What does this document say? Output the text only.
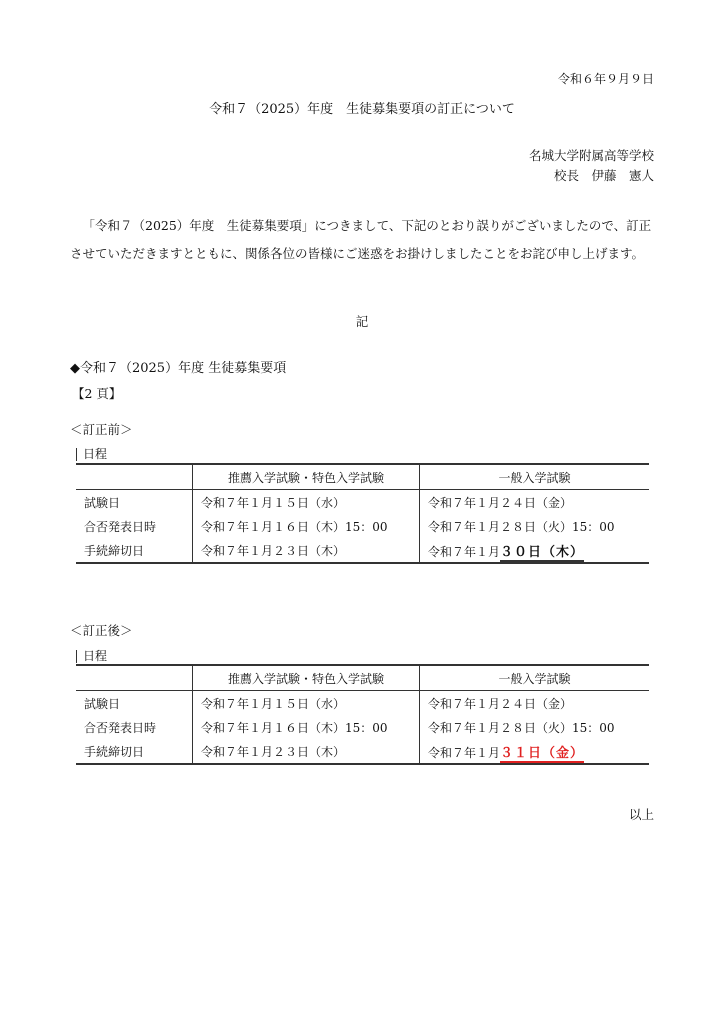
令和６年９月９日
令和７（2025）年度　生徒募集要項の訂正について
名城大学附属高等学校
校長　伊藤　憲人
「令和７（2025）年度　生徒募集要項」につきまして、下記のとおり誤りがございましたので、訂正させていただきますとともに、関係各位の皆様にご迷惑をお掛けしましたことをお詫び申し上げます。
記
◆令和７（2025）年度 生徒募集要項
【2 頁】
＜訂正前＞
日程
	推薦入学試験・特色入学試験	一般入学試験
試験日	令和７年１月１５日（水）	令和７年１月２４日（金）
合否発表日時	令和７年１月１６日（木）15：00	令和７年１月２８日（火）15：00
手続締切日	令和７年１月２３日（木）	令和７年１月３０日（木）
＜訂正後＞
日程
	推薦入学試験・特色入学試験	一般入学試験
試験日	令和７年１月１５日（水）	令和７年１月２４日（金）
合否発表日時	令和７年１月１６日（木）15：00	令和７年１月２８日（火）15：00
手続締切日	令和７年１月２３日（木）	令和７年１月３１日（金）
以上
